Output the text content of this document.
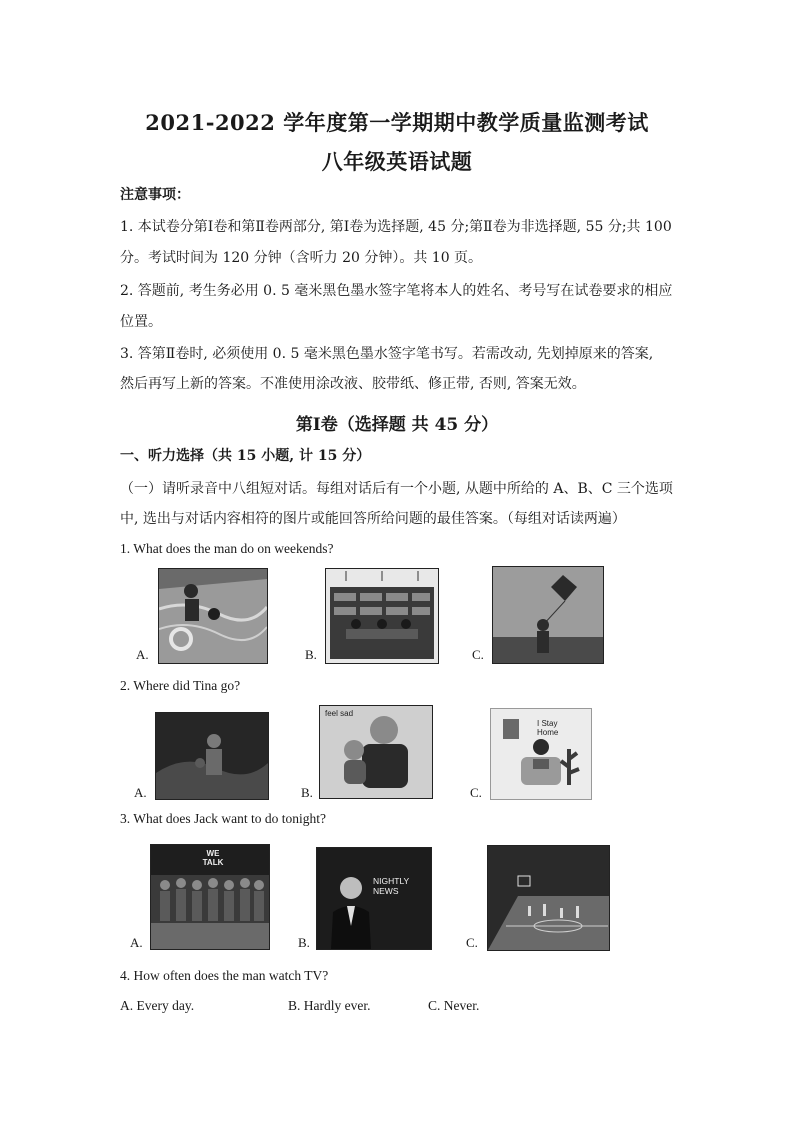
2021-2022 学年度第一学期期中教学质量监测考试
八年级英语试题
注意事项：
1. 本试卷分第Ⅰ卷和第Ⅱ卷两部分, 第Ⅰ卷为选择题, 45 分;第Ⅱ卷为非选择题, 55 分;共 100
分。考试时间为 120 分钟（含听力 20 分钟）。共 10 页。
2. 答题前, 考生务必用 0. 5 毫米黑色墨水签字笔将本人的姓名、考号写在试卷要求的相应
位置。
3. 答第Ⅱ卷时, 必须使用 0. 5 毫米黑色墨水签字笔书写。若需改动, 先划掉原来的答案,
然后再写上新的答案。不准使用涂改液、胶带纸、修正带, 否则, 答案无效。
第Ⅰ卷（选择题 共 45 分）
一、听力选择（共 15 小题, 计 15 分）
（一）请听录音中八组短对话。每组对话后有一个小题, 从题中所给的 A、B、C 三个选项
中, 选出与对话内容相符的图片或能回答所给问题的最佳答案。（每组对话读两遍）
1. What does the man do on weekends?
A.	B.	C.
2. Where did Tina go?
A.	B.
feel sad
C.
I Stay Home
3. What does Jack want to do tonight?
A.
WE TALK
B.
NIGHTLY NEWS
C.
4. How often does the man watch TV?
A. Every day.	B. Hardly ever.	C. Never.
